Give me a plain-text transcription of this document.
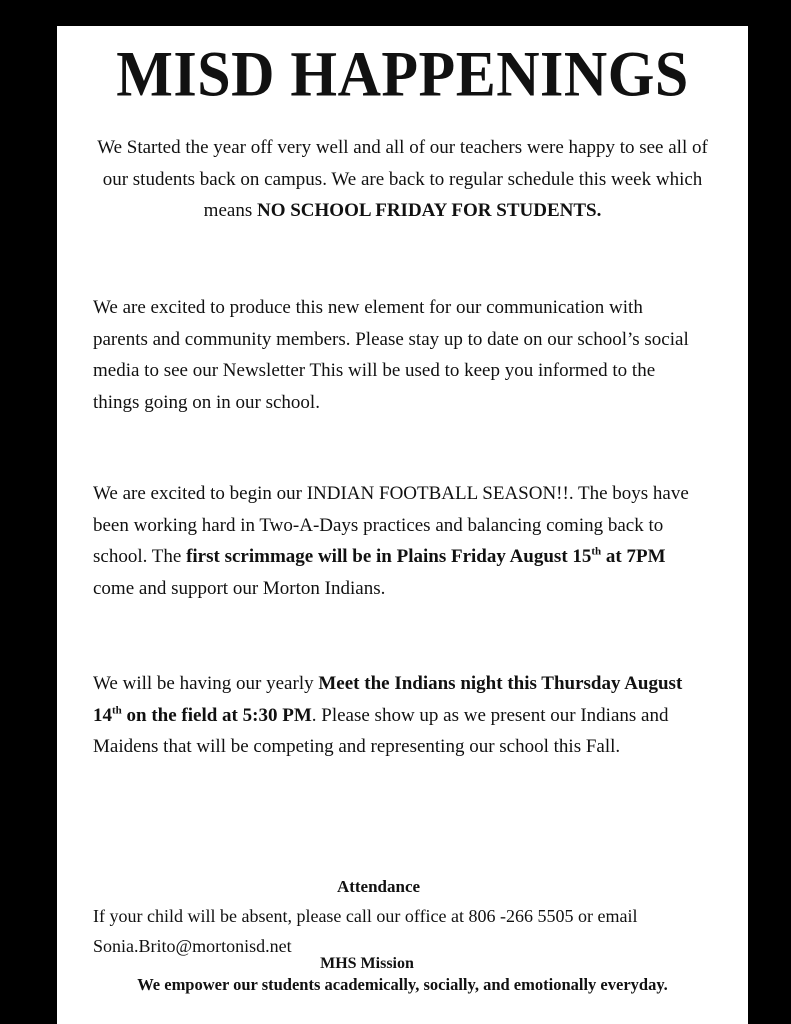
MISD HAPPENINGS
We Started the year off very well and all of our teachers were happy to see all of our students back on campus. We are back to regular schedule this week which means NO SCHOOL FRIDAY FOR STUDENTS.
We are excited to produce this new element for our communication with parents and community members. Please stay up to date on our school’s social media to see our Newsletter This will be used to keep you informed to the things going on in our school.
We are excited to begin our INDIAN FOOTBALL SEASON!!. The boys have been working hard in Two-A-Days practices and balancing coming back to school. The first scrimmage will be in Plains Friday August 15th at 7PM come and support our Morton Indians.
We will be having our yearly Meet the Indians night this Thursday August 14th on the field at 5:30 PM. Please show up as we present our Indians and Maidens that will be competing and representing our school this Fall.
Attendance
If your child will be absent, please call our office at 806 -266 5505 or email Sonia.Brito@mortonisd.net
MHS Mission
We empower our students academically, socially, and emotionally everyday.
